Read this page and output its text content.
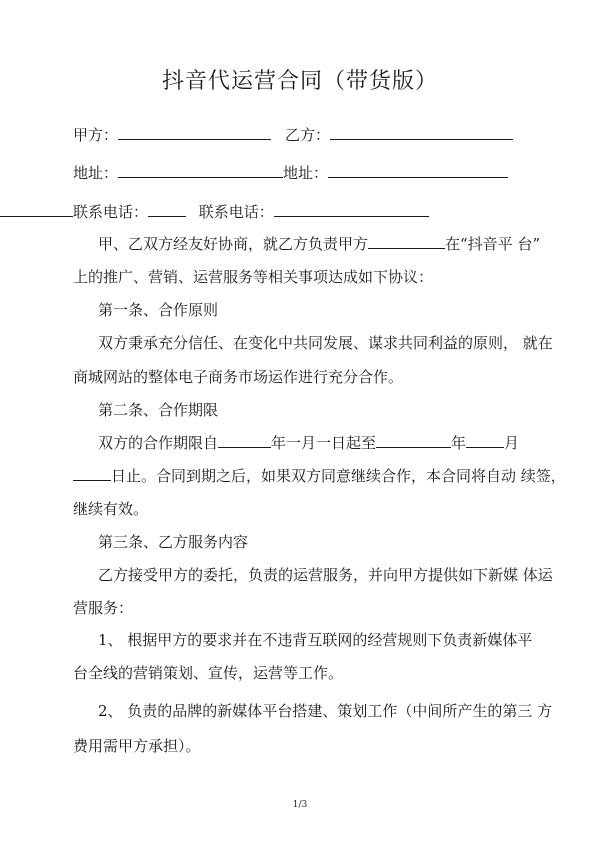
抖音代运营合同（带货版）
甲方：	乙方：
地址：	地址：
联系电话：	联系电话：
甲、乙双方经友好协商，就乙方负责甲方	在“抖音平 台”
上的推广、营销、运营服务等相关事项达成如下协议：
第一条、合作原则
双方秉承充分信任、在变化中共同发展、谋求共同利益的原则， 就在
商城网站的整体电子商务市场运作进行充分合作。
第二条、合作期限
双方的合作期限自	年一月一日起至	年	月
日止。合同到期之后，如果双方同意继续合作，本合同将自动 续签，
继续有效。
第三条、乙方服务内容
乙方接受甲方的委托，负责的运营服务，并向甲方提供如下新媒 体运
营服务：
1、 根据甲方的要求并在不违背互联网的经营规则下负责新媒体平
台全线的营销策划、宣传，运营等工作。
2、 负责的品牌的新媒体平台搭建、策划工作（中间所产生的第三 方
费用需甲方承担）。
1/3
